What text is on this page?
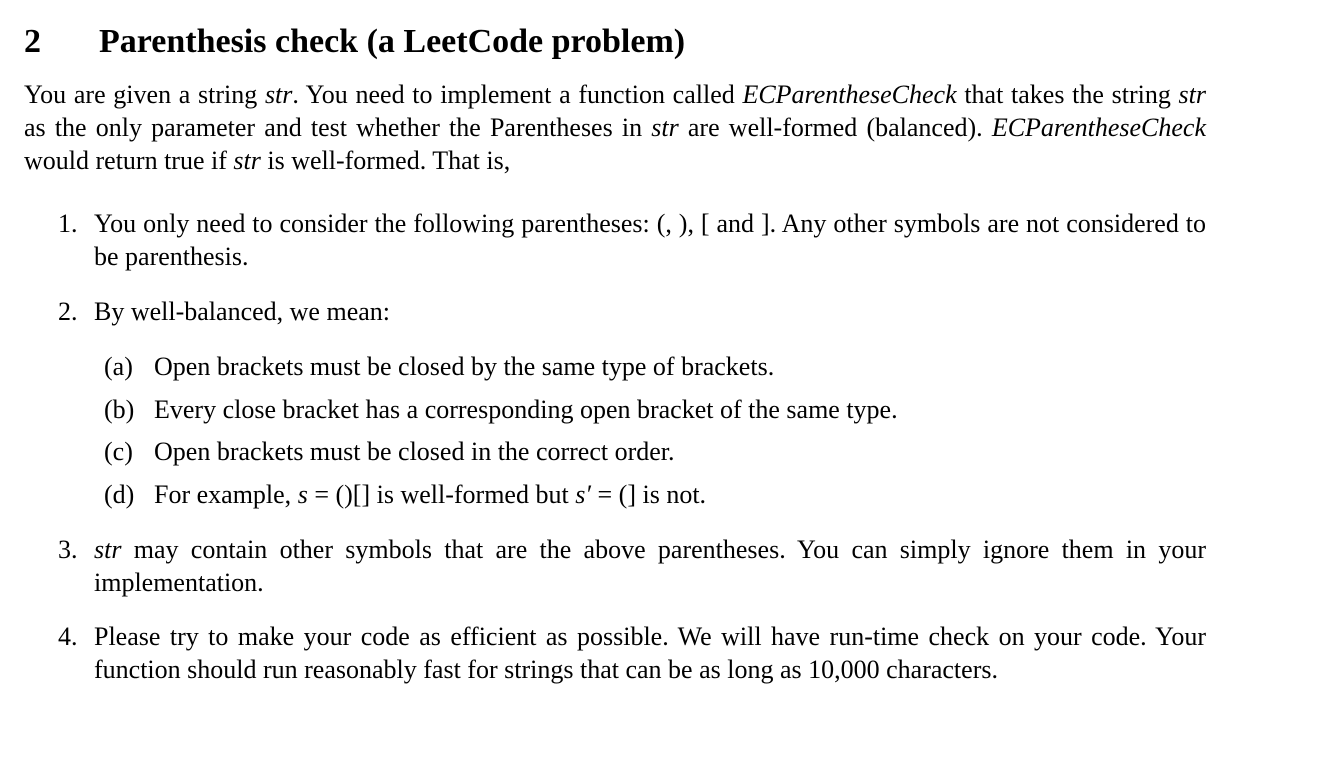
2 Parenthesis check (a LeetCode problem)

You are given a string str. You need to implement a function called ECParentheseCheck that takes the string str as the only parameter and test whether the Parentheses in str are well-formed (balanced). ECParentheseCheck would return true if str is well-formed. That is,

1. You only need to consider the following parentheses: (, ), [ and ]. Any other symbols are not considered to be parenthesis.
2. By well-balanced, we mean:
(a) Open brackets must be closed by the same type of brackets.
(b) Every close bracket has a corresponding open bracket of the same type.
(c) Open brackets must be closed in the correct order.
(d) For example, s = ()[] is well-formed but s′ = (] is not.
3. str may contain other symbols that are the above parentheses. You can simply ignore them in your implementation.
4. Please try to make your code as efficient as possible. We will have run-time check on your code. Your function should run reasonably fast for strings that can be as long as 10,000 characters.
